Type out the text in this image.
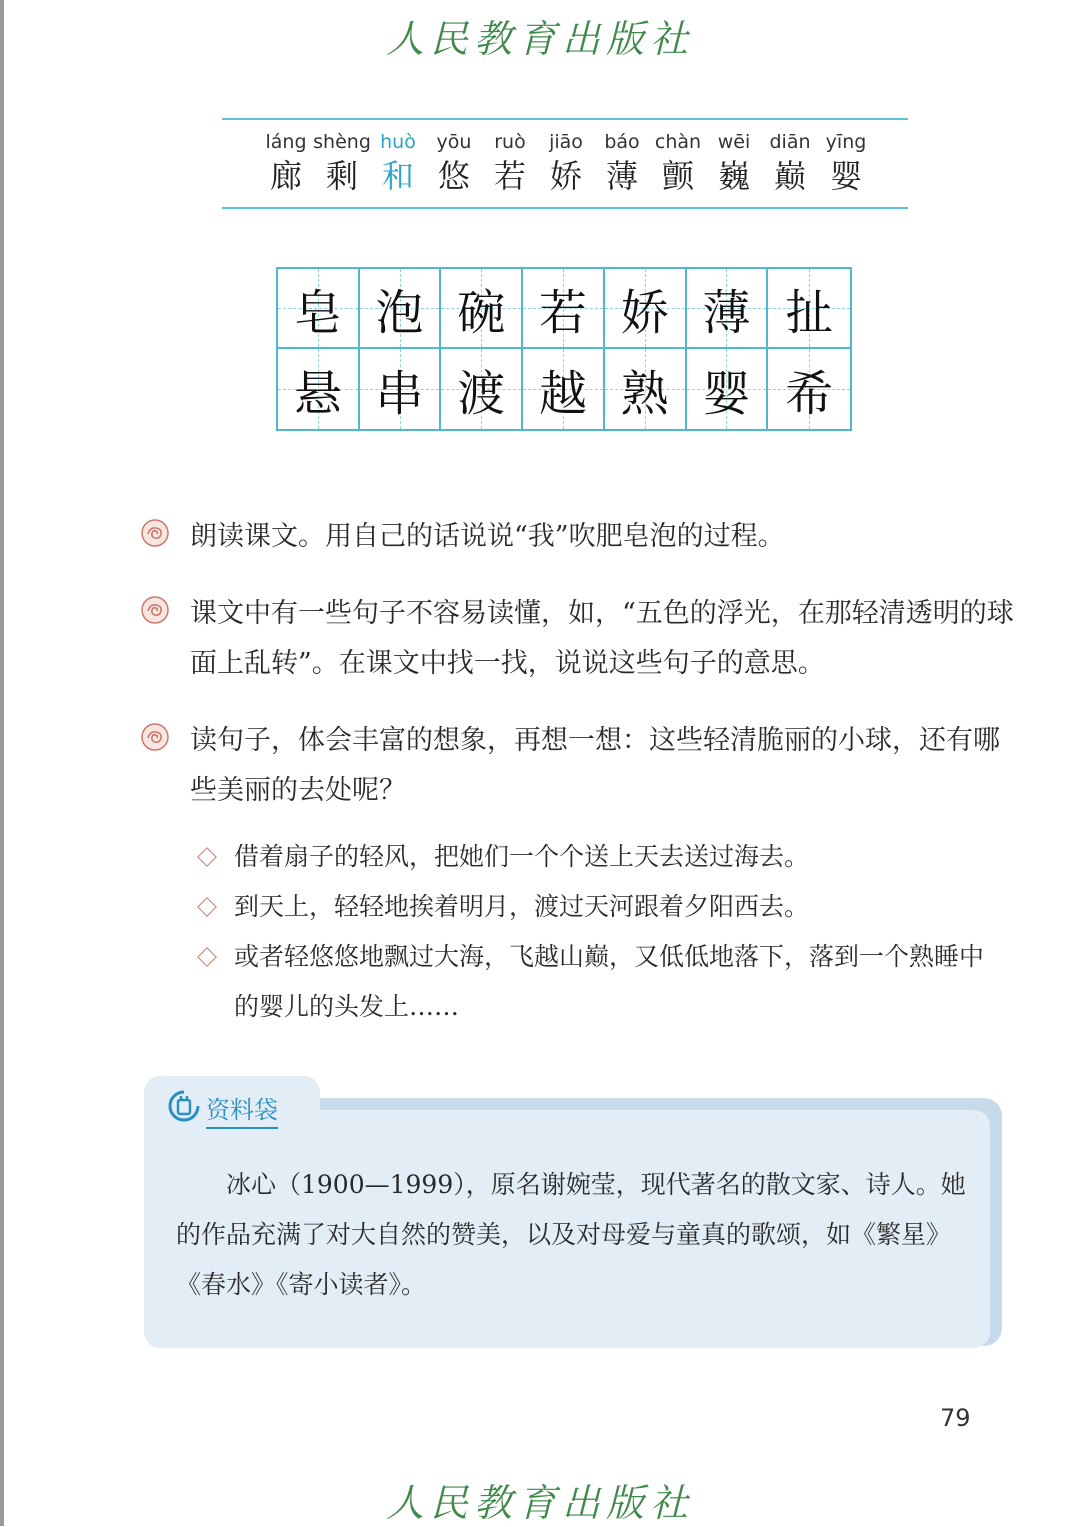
人民教育出版社
láng
廊
shèng
剩
huò
和
yōu
悠
ruò
若
jiāo
娇
báo
薄
chàn
颤
wēi
巍
diān
巅
yīng
婴
皂 泡 碗 若 娇 薄 扯
悬 串 渡 越 熟 婴 希
朗读课文。用自己的话说说“我”吹肥皂泡的过程。
课文中有一些句子不容易读懂，如，“五色的浮光，在那轻清透明的球面上乱转”。在课文中找一找，说说这些句子的意思。
读句子，体会丰富的想象，再想一想：这些轻清脆丽的小球，还有哪些美丽的去处呢？
借着扇子的轻风，把她们一个个送上天去送过海去。
到天上，轻轻地挨着明月，渡过天河跟着夕阳西去。
或者轻悠悠地飘过大海，飞越山巅，又低低地落下，落到一个熟睡中的婴儿的头发上……
资料袋

冰心（1900—1999），原名谢婉莹，现代著名的散文家、诗人。她的作品充满了对大自然的赞美，以及对母爱与童真的歌颂，如《繁星》《春水》《寄小读者》。

79
人民教育出版社
